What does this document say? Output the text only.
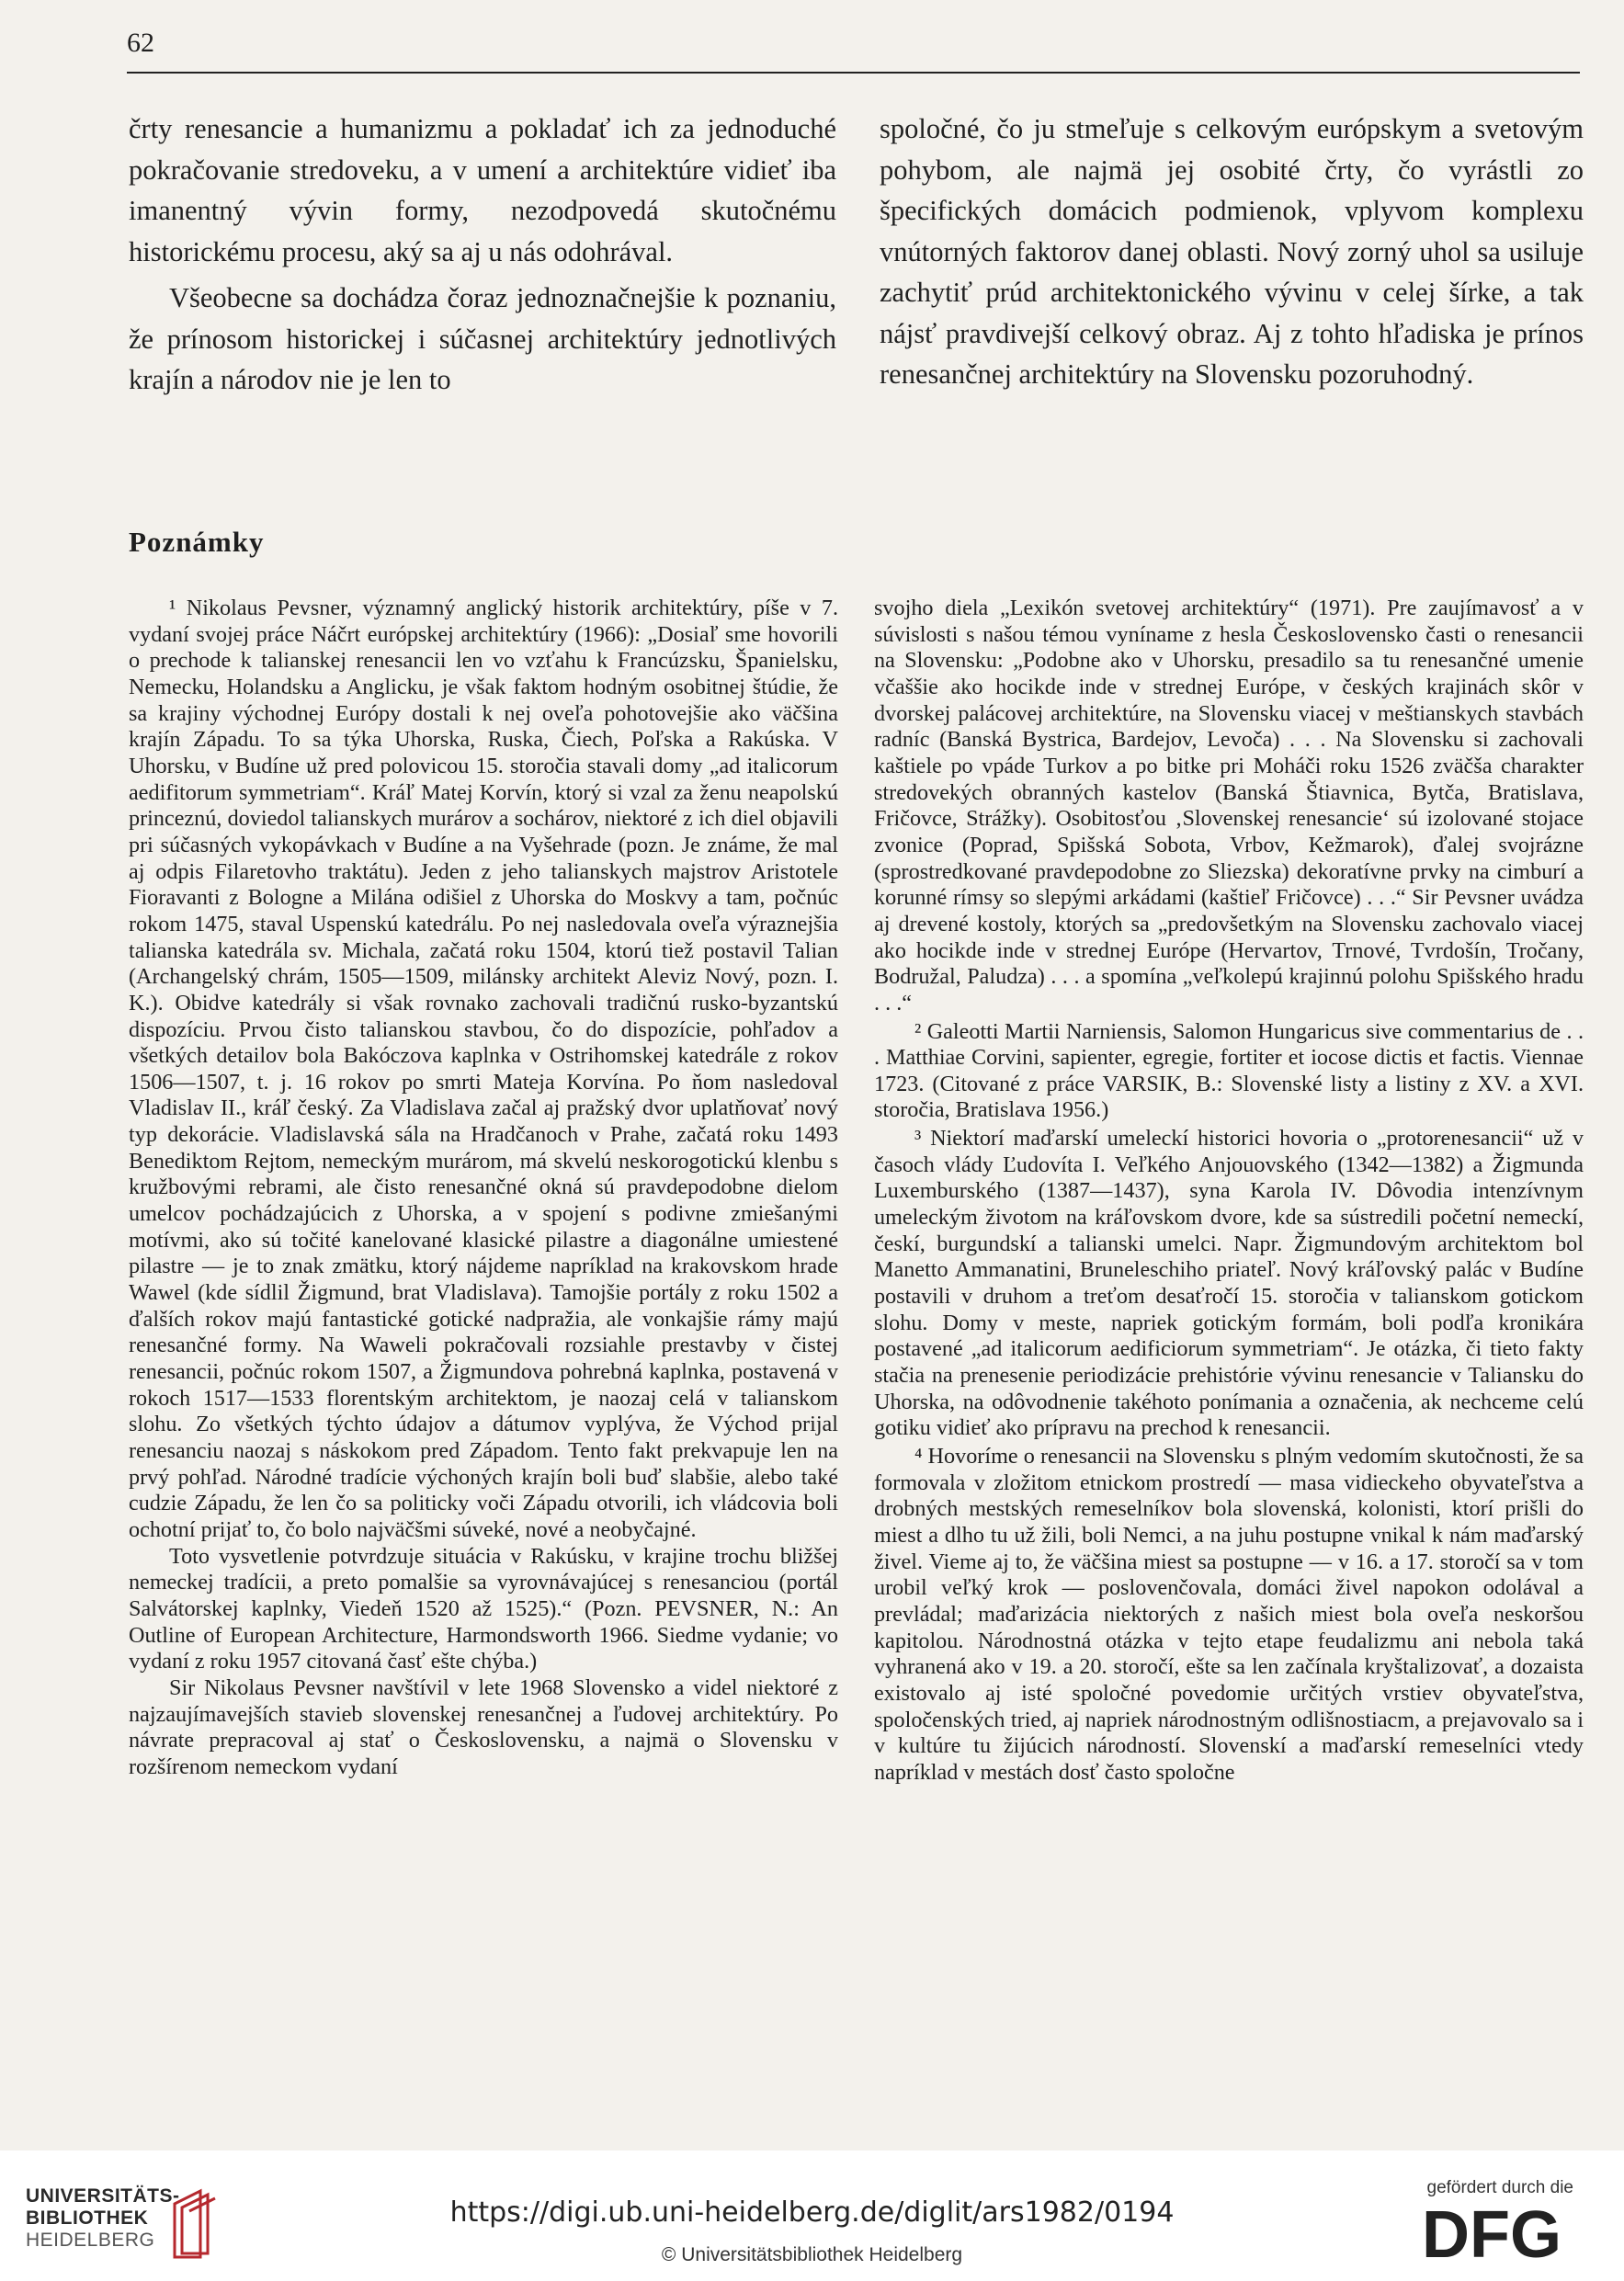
62

črty renesancie a humanizmu a pokladať ich za jednoduché pokračovanie stredoveku, a v umení a architektúre vidieť iba imanentný vývin formy, nezodpovedá skutočnému historickému procesu, aký sa aj u nás odohrával.

Všeobecne sa dochádza čoraz jednoznačnejšie k poznaniu, že prínosom historickej i súčasnej architektúry jednotlivých krajín a národov nie je len to

spoločné, čo ju stmeľuje s celkovým európskym a svetovým pohybom, ale najmä jej osobité črty, čo vyrástli zo špecifických domácich podmienok, vplyvom komplexu vnútorných faktorov danej oblasti. Nový zorný uhol sa usiluje zachytiť prúd architektonického vývinu v celej šírke, a tak nájsť pravdivejší celkový obraz. Aj z tohto hľadiska je prínos renesančnej architektúry na Slovensku pozoruhodný.

Poznámky

¹ Nikolaus Pevsner, významný anglický historik architektúry, píše v 7. vydaní svojej práce Náčrt európskej architektúry (1966): „Dosiaľ sme hovorili o prechode k talianskej renesancii len vo vzťahu k Francúzsku, Španielsku, Nemecku, Holandsku a Anglicku, je však faktom hodným osobitnej štúdie, že sa krajiny východnej Európy dostali k nej oveľa pohotovejšie ako väčšina krajín Západu. To sa týka Uhorska, Ruska, Čiech, Poľska a Rakúska. V Uhorsku, v Budíne už pred polovicou 15. storočia stavali domy „ad italicorum aedifitorum symmetriam“. Kráľ Matej Korvín, ktorý si vzal za ženu neapolskú princeznú, doviedol talianskych murárov a sochárov, niektoré z ich diel objavili pri súčasných vykopávkach v Budíne a na Vyšehrade (pozn. Je známe, že mal aj odpis Filaretovho traktátu). Jeden z jeho talianskych majstrov Aristotele Fioravanti z Bologne a Milána odišiel z Uhorska do Moskvy a tam, počnúc rokom 1475, staval Uspenskú katedrálu. Po nej nasledovala oveľa výraznejšia talianska katedrála sv. Michala, začatá roku 1504, ktorú tiež postavil Talian (Archangelský chrám, 1505—1509, milánsky architekt Aleviz Nový, pozn. I. K.). Obidve katedrály si však rovnako zachovali tradičnú rusko-byzantskú dispozíciu. Prvou čisto talianskou stavbou, čo do dispozície, pohľadov a všetkých detailov bola Bakóczova kaplnka v Ostrihomskej katedrále z rokov 1506—1507, t. j. 16 rokov po smrti Mateja Korvína. Po ňom nasledoval Vladislav II., kráľ český. Za Vladislava začal aj pražský dvor uplatňovať nový typ dekorácie. Vladislavská sála na Hradčanoch v Prahe, začatá roku 1493 Benediktom Rejtom, nemeckým murárom, má skvelú neskorogotickú klenbu s kružbovými rebrami, ale čisto renesančné okná sú pravdepodobne dielom umelcov pochádzajúcich z Uhorska, a v spojení s podivne zmiešanými motívmi, ako sú točité kanelované klasické pilastre a diagonálne umiestené pilastre — je to znak zmätku, ktorý nájdeme napríklad na krakovskom hrade Wawel (kde sídlil Žigmund, brat Vladislava). Tamojšie portály z roku 1502 a ďalších rokov majú fantastické gotické nadpražia, ale vonkajšie rámy majú renesančné formy. Na Waweli pokračovali rozsiahle prestavby v čistej renesancii, počnúc rokom 1507, a Žigmundova pohrebná kaplnka, postavená v rokoch 1517—1533 florentským architektom, je naozaj celá v talianskom slohu. Zo všetkých týchto údajov a dátumov vyplýva, že Východ prijal renesanciu naozaj s náskokom pred Západom. Tento fakt prekvapuje len na prvý pohľad. Národné tradície výchoných krajín boli buď slabšie, alebo také cudzie Západu, že len čo sa politicky voči Západu otvorili, ich vládcovia boli ochotní prijať to, čo bolo najväčšmi súveké, nové a neobyčajné.

Toto vysvetlenie potvrdzuje situácia v Rakúsku, v krajine trochu bližšej nemeckej tradícii, a preto pomalšie sa vyrovnávajúcej s renesanciou (portál Salvátorskej kaplnky, Viedeň 1520 až 1525).“ (Pozn. PEVSNER, N.: An Outline of European Architecture, Harmondsworth 1966. Siedme vydanie; vo vydaní z roku 1957 citovaná časť ešte chýba.)

Sir Nikolaus Pevsner navštívil v lete 1968 Slovensko a videl niektoré z najzaujímavejších stavieb slovenskej renesančnej a ľudovej architektúry. Po návrate prepracoval aj stať o Československu, a najmä o Slovensku v rozšírenom nemeckom vydaní

svojho diela „Lexikón svetovej architektúry“ (1971). Pre zaujímavosť a v súvislosti s našou témou vyníname z hesla Československo časti o renesancii na Slovensku: „Podobne ako v Uhorsku, presadilo sa tu renesančné umenie včaššie ako hocikde inde v strednej Európe, v českých krajinách skôr v dvorskej palácovej architektúre, na Slovensku viacej v meštianskych stavbách radníc (Banská Bystrica, Bardejov, Levoča) . . . Na Slovensku si zachovali kaštiele po vpáde Turkov a po bitke pri Moháči roku 1526 zväčša charakter stredovekých obranných kastelov (Banská Štiavnica, Bytča, Bratislava, Fričovce, Strážky). Osobitosťou ‚Slovenskej renesancie‘ sú izolované stojace zvonice (Poprad, Spišská Sobota, Vrbov, Kežmarok), ďalej svojrázne (sprostredkované pravdepodobne zo Sliezska) dekoratívne prvky na cimburí a korunné rímsy so slepými arkádami (kaštieľ Fričovce) . . .“ Sir Pevsner uvádza aj drevené kostoly, ktorých sa „predovšetkým na Slovensku zachovalo viacej ako hocikde inde v strednej Európe (Hervartov, Trnové, Tvrdošín, Tročany, Bodružal, Paludza) . . . a spomína „veľkolepú krajinnú polohu Spišského hradu . . .“

² Galeotti Martii Narniensis, Salomon Hungaricus sive commentarius de . . . Matthiae Corvini, sapienter, egregie, fortiter et iocose dictis et factis. Viennae 1723. (Citované z práce VARSIK, B.: Slovenské listy a listiny z XV. a XVI. storočia, Bratislava 1956.)

³ Niektorí maďarskí umeleckí historici hovoria o „protorenesancii“ už v časoch vlády Ľudovíta I. Veľkého Anjouovského (1342—1382) a Žigmunda Luxemburského (1387—1437), syna Karola IV. Dôvodia intenzívnym umeleckým životom na kráľovskom dvore, kde sa sústredili početní nemeckí, českí, burgundskí a talianski umelci. Napr. Žigmundovým architektom bol Manetto Ammanatini, Bruneleschiho priateľ. Nový kráľovský palác v Budíne postavili v druhom a treťom desaťročí 15. storočia v talianskom gotickom slohu. Domy v meste, napriek gotickým formám, boli podľa kronikára postavené „ad italicorum aedificiorum symmetriam“. Je otázka, či tieto fakty stačia na prenesenie periodizácie prehistórie vývinu renesancie v Taliansku do Uhorska, na odôvodnenie takéhoto ponímania a označenia, ak nechceme celú gotiku vidieť ako prípravu na prechod k renesancii.

⁴ Hovoríme o renesancii na Slovensku s plným vedomím skutočnosti, že sa formovala v zložitom etnickom prostredí — masa vidieckeho obyvateľstva a drobných mestských remeselníkov bola slovenská, kolonisti, ktorí prišli do miest a dlho tu už žili, boli Nemci, a na juhu postupne vnikal k nám maďarský živel. Vieme aj to, že väčšina miest sa postupne — v 16. a 17. storočí sa v tom urobil veľký krok — poslovenčovala, domáci živel napokon odolával a prevládal; maďarizácia niektorých z našich miest bola oveľa neskoršou kapitolou. Národnostná otázka v tejto etape feudalizmu ani nebola taká vyhranená ako v 19. a 20. storočí, ešte sa len začínala kryštalizovať, a dozaista existovalo aj isté spoločné povedomie určitých vrstiev obyvateľstva, spoločenských tried, aj napriek národnostným odlišnostiacm, a prejavovalo sa i v kultúre tu žijúcich národností. Slovenskí a maďarskí remeselníci vtedy napríklad v mestách dosť často spoločne

UNIVERSITÄTS-
BIBLIOTHEK
HEIDELBERG
https://digi.ub.uni-heidelberg.de/diglit/ars1982/0194
© Universitätsbibliothek Heidelberg
gefördert durch die
DFG
